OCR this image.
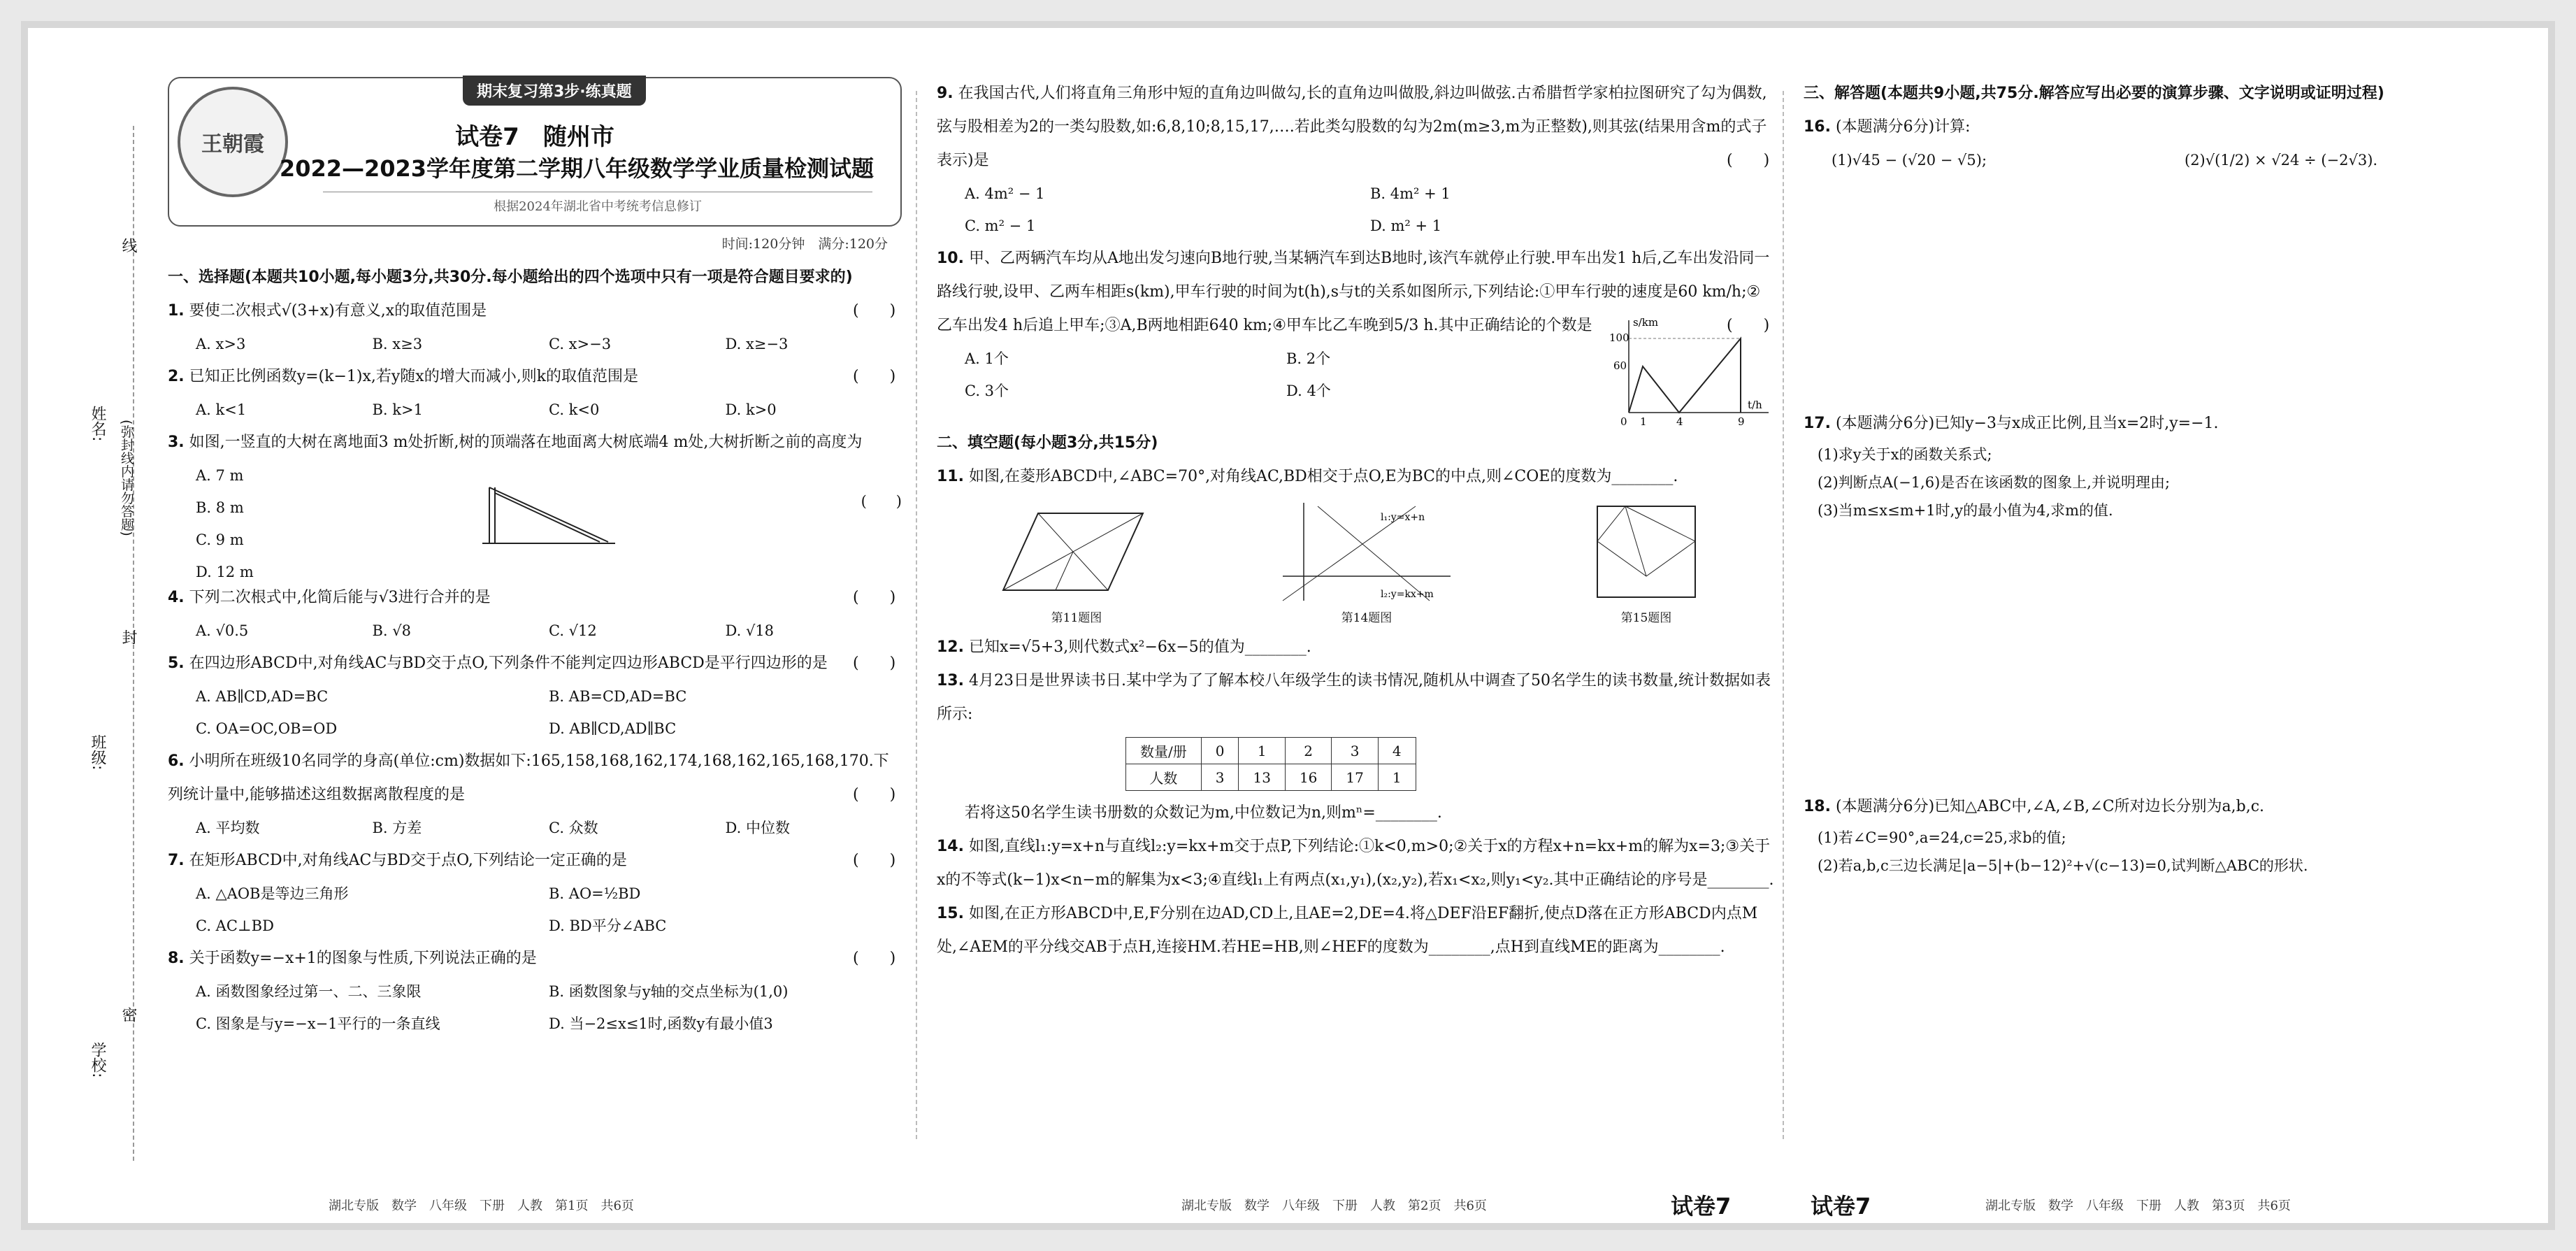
姓名:
班级:
学校:
(弥封线内请勿答题)
线
封
密
期末复习第3步·练真题
王朝霞	试卷7　随州市
2022—2023学年度第二学期八年级数学学业质量检测试题
根据2024年湖北省中考统考信息修订
时间:120分钟　满分:120分
一、选择题(本题共10小题,每小题3分,共30分.每小题给出的四个选项中只有一项是符合题目要求的)

1. 要使二次根式√(3+x)有意义,x的取值范围是	(　　)

A. x>3	B. x≥3	C. x>−3	D. x≥−3

2. 已知正比例函数y=(k−1)x,若y随x的增大而减小,则k的取值范围是	(　　)

A. k<1	B. k>1	C. k<0	D. k>0

3. 如图,一竖直的大树在离地面3 m处折断,树的顶端落在地面离大树底端4 m处,大树折断之前的高度为

A. 7 m
B. 8 m
C. 9 m
D. 12 m
(　　)

4. 下列二次根式中,化简后能与√3进行合并的是	(　　)

A. √0.5	B. √8	C. √12	D. √18

5. 在四边形ABCD中,对角线AC与BD交于点O,下列条件不能判定四边形ABCD是平行四边形的是 (　　)

A. AB∥CD,AD=BC	B. AB=CD,AD=BC
C. OA=OC,OB=OD	D. AB∥CD,AD∥BC

6. 小明所在班级10名同学的身高(单位:cm)数据如下:165,158,168,162,174,168,162,165,168,170.下列统计量中,能够描述这组数据离散程度的是	(　　)

A. 平均数	B. 方差	C. 众数	D. 中位数

7. 在矩形ABCD中,对角线AC与BD交于点O,下列结论一定正确的是	(　　)

A. △AOB是等边三角形	B. AO=½BD
C. AC⊥BD	D. BD平分∠ABC

8. 关于函数y=−x+1的图象与性质,下列说法正确的是	(　　)

A. 函数图象经过第一、二、三象限	B. 函数图象与y轴的交点坐标为(1,0)
C. 图象是与y=−x−1平行的一条直线	D. 当−2≤x≤1时,函数y有最小值3

9. 在我国古代,人们将直角三角形中短的直角边叫做勾,长的直角边叫做股,斜边叫做弦.古希腊哲学家柏拉图研究了勾为偶数,弦与股相差为2的一类勾股数,如:6,8,10;8,15,17,….若此类勾股数的勾为2m(m≥3,m为正整数),则其弦(结果用含m的式子表示)是	(　　)

A. 4m² − 1	B. 4m² + 1
C. m² − 1	D. m² + 1

10. 甲、乙两辆汽车均从A地出发匀速向B地行驶,当某辆汽车到达B地时,该汽车就停止行驶.甲车出发1 h后,乙车出发沿同一路线行驶,设甲、乙两车相距s(km),甲车行驶的时间为t(h),s与t的关系如图所示,下列结论:①甲车行驶的速度是60 km/h;②乙车出发4 h后追上甲车;③A,B两地相距640 km;④甲车比乙车晚到5/3 h.其中正确结论的个数是	(　　)

A. 1个	B. 2个
C. 3个	D. 4个
s/km
t/h
100
60
0 1	4	9
二、填空题(每小题3分,共15分)

11. 如图,在菱形ABCD中,∠ABC=70°,对角线AC,BD相交于点O,E为BC的中点,则∠COE的度数为________.

第11题图
l₁:y=x+n
l₂:y=kx+m
第14题图	第15题图

12. 已知x=√5+3,则代数式x²−6x−5的值为________.

13. 4月23日是世界读书日.某中学为了了解本校八年级学生的读书情况,随机从中调查了50名学生的读书数量,统计数据如表所示:

数量/册	0	1	2	3	4
人数	3	13	16	17	1

若将这50名学生读书册数的众数记为m,中位数记为n,则mⁿ=________.

14. 如图,直线l₁:y=x+n与直线l₂:y=kx+m交于点P,下列结论:①k<0,m>0;②关于x的方程x+n=kx+m的解为x=3;③关于x的不等式(k−1)x<n−m的解集为x<3;④直线l₁上有两点(x₁,y₁),(x₂,y₂),若x₁<x₂,则y₁<y₂.其中正确结论的序号是________.

15. 如图,在正方形ABCD中,E,F分别在边AD,CD上,且AE=2,DE=4.将△DEF沿EF翻折,使点D落在正方形ABCD内点M处,∠AEM的平分线交AB于点H,连接HM.若HE=HB,则∠HEF的度数为________,点H到直线ME的距离为________.

三、解答题(本题共9小题,共75分.解答应写出必要的演算步骤、文字说明或证明过程)

16. (本题满分6分)计算:

(1)√45 − (√20 − √5);	(2)√(1/2) × √24 ÷ (−2√3).

17. (本题满分6分)已知y−3与x成正比例,且当x=2时,y=−1.

(1)求y关于x的函数关系式;
(2)判断点A(−1,6)是否在该函数的图象上,并说明理由;
(3)当m≤x≤m+1时,y的最小值为4,求m的值.

18. (本题满分6分)已知△ABC中,∠A,∠B,∠C所对边长分别为a,b,c.

(1)若∠C=90°,a=24,c=25,求b的值;
(2)若a,b,c三边长满足|a−5|+(b−12)²+√(c−13)=0,试判断△ABC的形状.
湖北专版　数学　八年级　下册　人教　第1页　共6页	湖北专版　数学　八年级　下册　人教　第2页　共6页	试卷7	试卷7	湖北专版　数学　八年级　下册　人教　第3页　共6页
